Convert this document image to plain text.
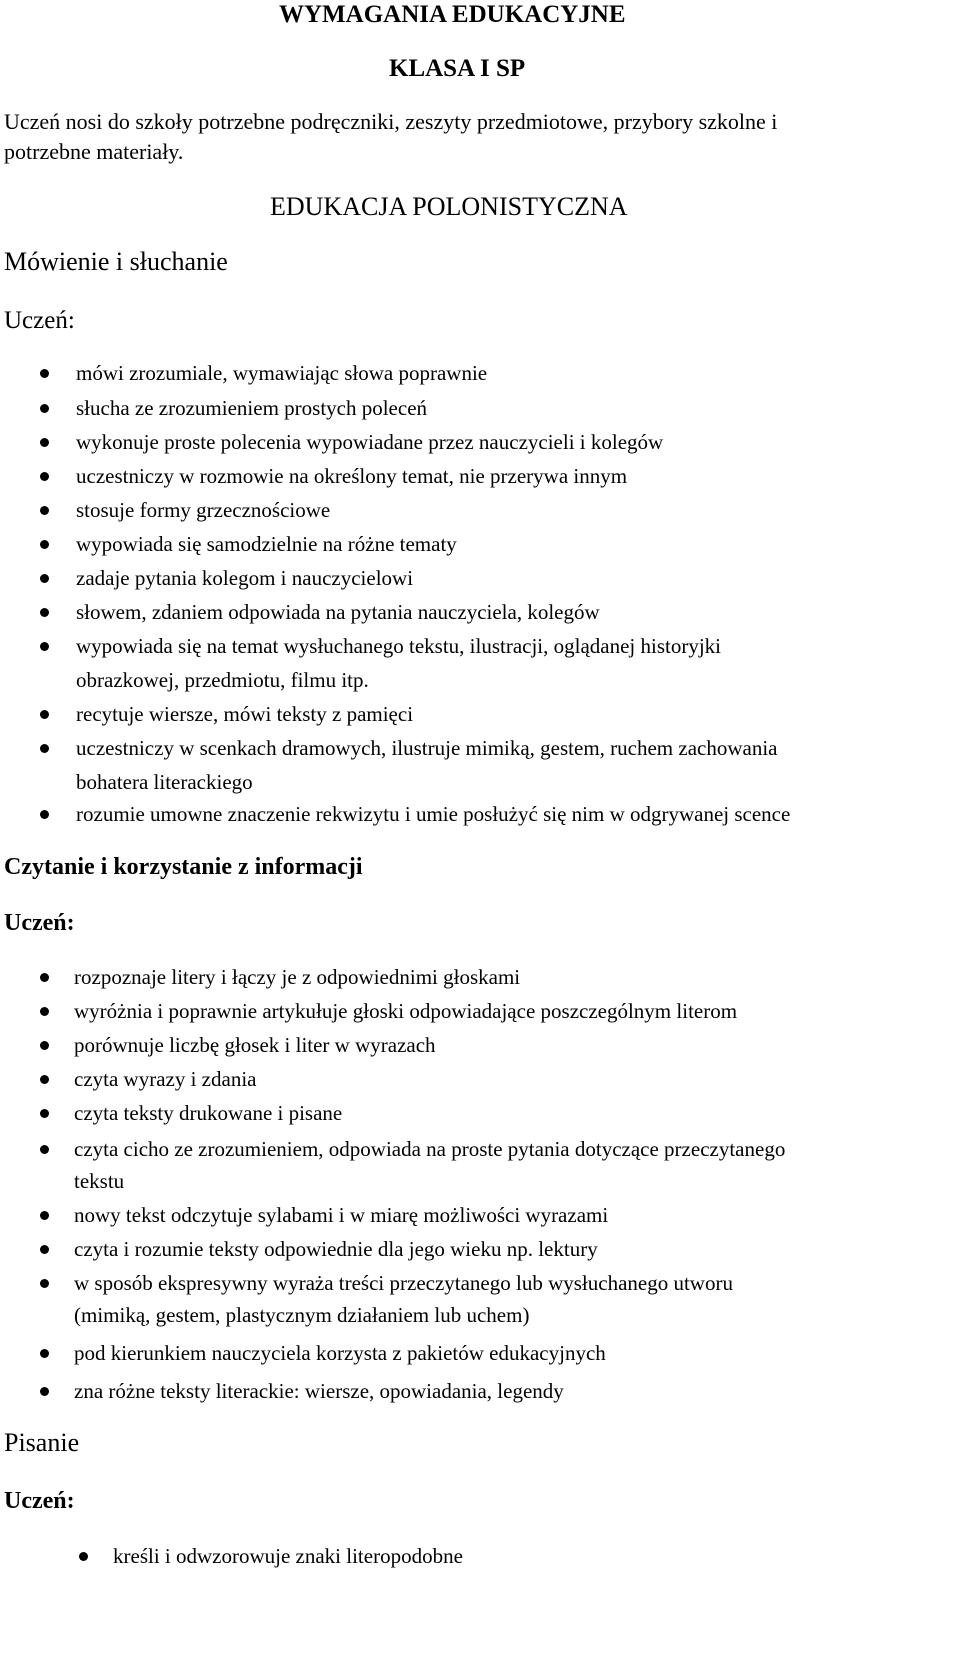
WYMAGANIA EDUKACYJNE
KLASA I SP
Uczeń nosi do szkoły potrzebne podręczniki, zeszyty przedmiotowe, przybory szkolne i
potrzebne materiały.
EDUKACJA POLONISTYCZNA
Mówienie i słuchanie
Uczeń:
mówi zrozumiale, wymawiając słowa poprawnie
słucha ze zrozumieniem prostych poleceń
wykonuje proste polecenia wypowiadane przez nauczycieli i kolegów
uczestniczy w rozmowie na określony temat, nie przerywa innym
stosuje formy grzecznościowe
wypowiada się samodzielnie na różne tematy
zadaje pytania kolegom i nauczycielowi
słowem, zdaniem odpowiada na pytania nauczyciela, kolegów
wypowiada się na temat wysłuchanego tekstu, ilustracji, oglądanej historyjki
obrazkowej, przedmiotu, filmu itp.
recytuje wiersze, mówi teksty z pamięci
uczestniczy w scenkach dramowych, ilustruje mimiką, gestem, ruchem zachowania
bohatera literackiego
rozumie umowne znaczenie rekwizytu i umie posłużyć się nim w odgrywanej scence
Czytanie i korzystanie z informacji
Uczeń:
rozpoznaje litery i łączy je z odpowiednimi głoskami
wyróżnia i poprawnie artykułuje głoski odpowiadające poszczególnym literom
porównuje liczbę głosek i liter w wyrazach
czyta wyrazy i zdania
czyta teksty drukowane i pisane
czyta cicho ze zrozumieniem, odpowiada na proste pytania dotyczące przeczytanego
tekstu
nowy tekst odczytuje sylabami i w miarę możliwości wyrazami
czyta i rozumie teksty odpowiednie dla jego wieku np. lektury
w sposób ekspresywny wyraża treści przeczytanego lub wysłuchanego utworu
(mimiką, gestem, plastycznym działaniem lub uchem)
pod kierunkiem nauczyciela korzysta z pakietów edukacyjnych
zna różne teksty literackie: wiersze, opowiadania, legendy
Pisanie
Uczeń:
kreśli i odwzorowuje znaki literopodobne
